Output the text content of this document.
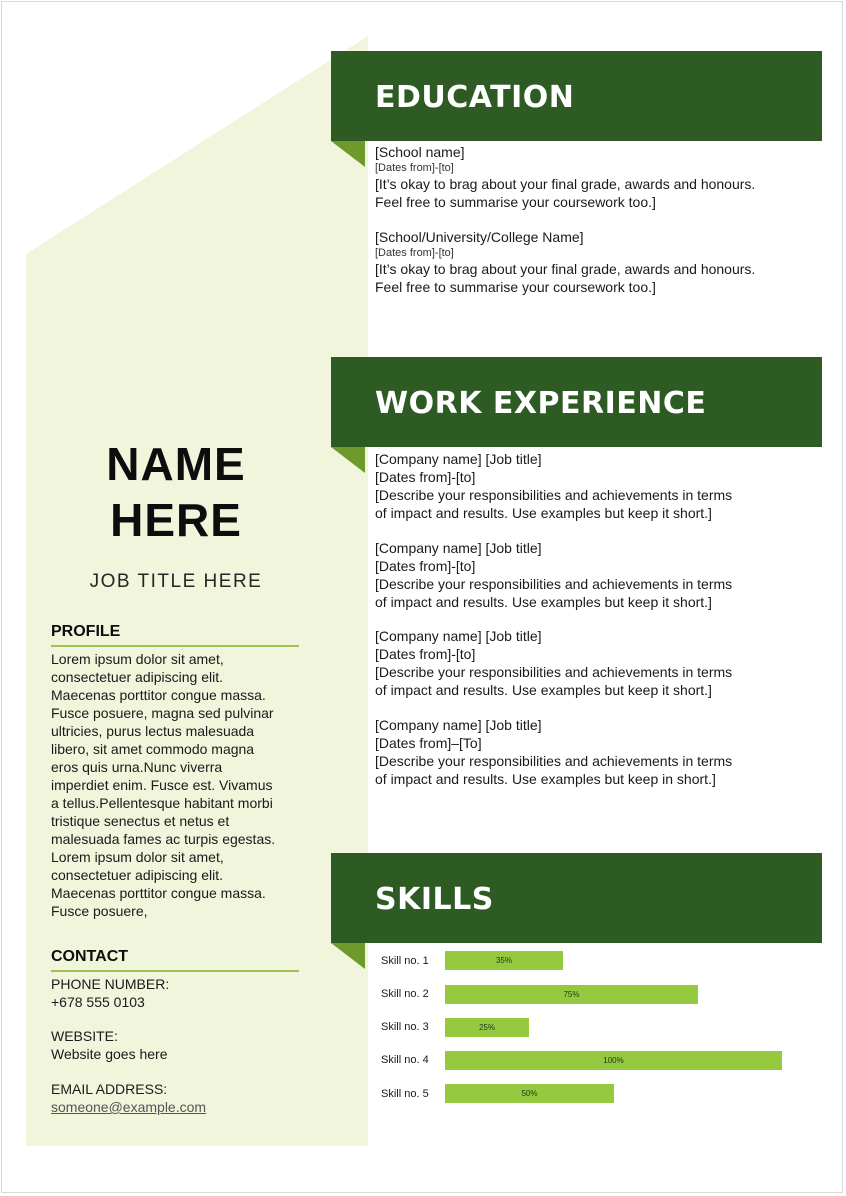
NAME
HERE
JOB TITLE HERE
PROFILE
Lorem ipsum dolor sit amet,
consectetuer adipiscing elit.
Maecenas porttitor congue massa.
Fusce posuere, magna sed pulvinar
ultricies, purus lectus malesuada
libero, sit amet commodo magna
eros quis urna.Nunc viverra
imperdiet enim. Fusce est. Vivamus
a tellus.Pellentesque habitant morbi
tristique senectus et netus et
malesuada fames ac turpis egestas.
Lorem ipsum dolor sit amet,
consectetuer adipiscing elit.
Maecenas porttitor congue massa.
Fusce posuere,
CONTACT
PHONE NUMBER:
+678 555 0103
WEBSITE:
Website goes here
EMAIL ADDRESS:
someone@example.com
EDUCATION
[School name]
[Dates from]-[to]
[It’s okay to brag about your final grade, awards and honours.
Feel free to summarise your coursework too.]
[School/University/College Name]
[Dates from]-[to]
[It’s okay to brag about your final grade, awards and honours.
Feel free to summarise your coursework too.]
WORK EXPERIENCE
[Company name] [Job title]
[Dates from]-[to]
[Describe your responsibilities and achievements in terms
of impact and results. Use examples but keep it short.]
[Company name] [Job title]
[Dates from]-[to]
[Describe your responsibilities and achievements in terms
of impact and results. Use examples but keep it short.]
[Company name] [Job title]
[Dates from]-[to]
[Describe your responsibilities and achievements in terms
of impact and results. Use examples but keep it short.]
[Company name] [Job title]
[Dates from]–[To]
[Describe your responsibilities and achievements in terms
of impact and results. Use examples but keep in short.]
SKILLS
Skill no. 1	35%
Skill no. 2	75%
Skill no. 3	25%
Skill no. 4	100%
Skill no. 5	50%
